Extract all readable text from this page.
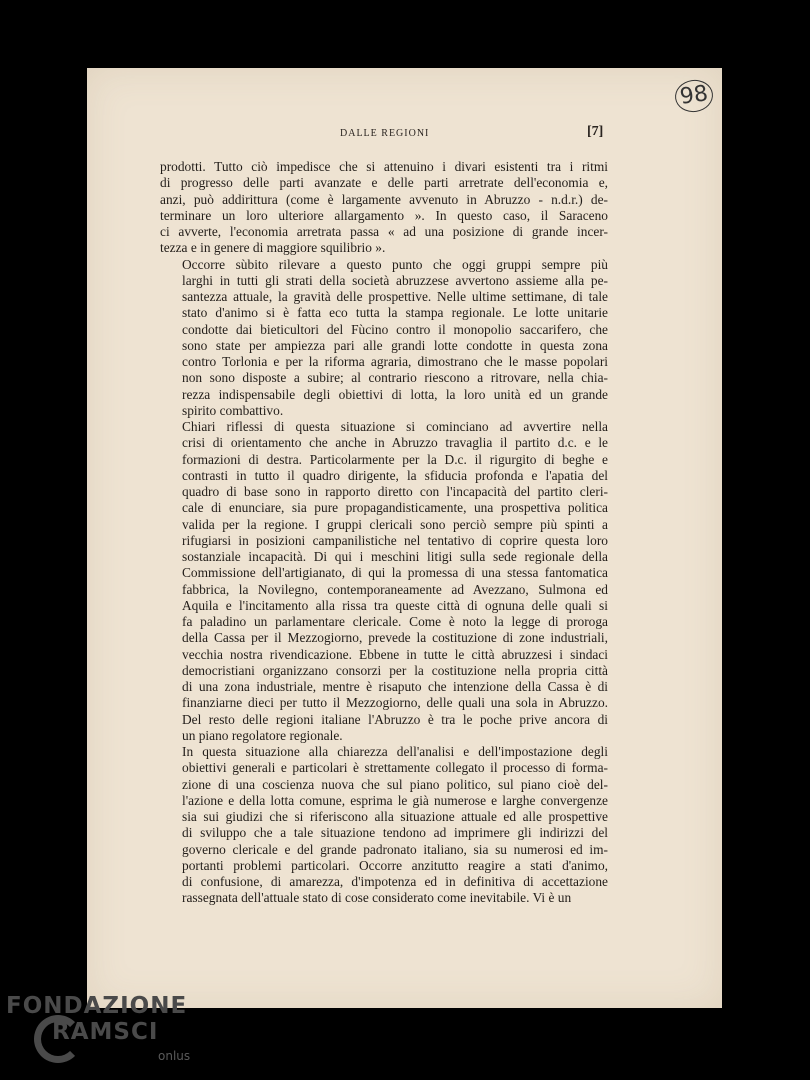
98
DALLE REGIONI	[7]

prodotti. Tutto ciò impedisce che si attenuino i divari esistenti tra i ritmi
di progresso delle parti avanzate e delle parti arretrate dell'economia e,
anzi, può addirittura (come è largamente avvenuto in Abruzzo - n.d.r.) de-
terminare un loro ulteriore allargamento ». In questo caso, il Saraceno
ci avverte, l'economia arretrata passa « ad una posizione di grande incer-
tezza e in genere di maggiore squilibrio ».

Occorre sùbito rilevare a questo punto che oggi gruppi sempre più
larghi in tutti gli strati della società abruzzese avvertono assieme alla pe-
santezza attuale, la gravità delle prospettive. Nelle ultime settimane, di tale
stato d'animo si è fatta eco tutta la stampa regionale. Le lotte unitarie
condotte dai bieticultori del Fùcino contro il monopolio saccarifero, che
sono state per ampiezza pari alle grandi lotte condotte in questa zona
contro Torlonia e per la riforma agraria, dimostrano che le masse popolari
non sono disposte a subire; al contrario riescono a ritrovare, nella chia-
rezza indispensabile degli obiettivi di lotta, la loro unità ed un grande
spirito combattivo.

Chiari riflessi di questa situazione si cominciano ad avvertire nella
crisi di orientamento che anche in Abruzzo travaglia il partito d.c. e le
formazioni di destra. Particolarmente per la D.c. il rigurgito di beghe e
contrasti in tutto il quadro dirigente, la sfiducia profonda e l'apatia del
quadro di base sono in rapporto diretto con l'incapacità del partito cleri-
cale di enunciare, sia pure propagandisticamente, una prospettiva politica
valida per la regione. I gruppi clericali sono perciò sempre più spinti a
rifugiarsi in posizioni campanilistiche nel tentativo di coprire questa loro
sostanziale incapacità. Di qui i meschini litigi sulla sede regionale della
Commissione dell'artigianato, di qui la promessa di una stessa fantomatica
fabbrica, la Novilegno, contemporaneamente ad Avezzano, Sulmona ed
Aquila e l'incitamento alla rissa tra queste città di ognuna delle quali si
fa paladino un parlamentare clericale. Come è noto la legge di proroga
della Cassa per il Mezzogiorno, prevede la costituzione di zone industriali,
vecchia nostra rivendicazione. Ebbene in tutte le città abruzzesi i sindaci
democristiani organizzano consorzi per la costituzione nella propria città
di una zona industriale, mentre è risaputo che intenzione della Cassa è di
finanziarne dieci per tutto il Mezzogiorno, delle quali una sola in Abruzzo.
Del resto delle regioni italiane l'Abruzzo è tra le poche prive ancora di
un piano regolatore regionale.

In questa situazione alla chiarezza dell'analisi e dell'impostazione degli
obiettivi generali e particolari è strettamente collegato il processo di forma-
zione di una coscienza nuova che sul piano politico, sul piano cioè del-
l'azione e della lotta comune, esprima le già numerose e larghe convergenze
sia sui giudizi che si riferiscono alla situazione attuale ed alle prospettive
di sviluppo che a tale situazione tendono ad imprimere gli indirizzi del
governo clericale e del grande padronato italiano, sia su numerosi ed im-
portanti problemi particolari. Occorre anzitutto reagire a stati d'animo,
di confusione, di amarezza, d'impotenza ed in definitiva di accettazione
rassegnata dell'attuale stato di cose considerato come inevitabile. Vi è un

FONDAZIONE
RAMSCI
onlus
